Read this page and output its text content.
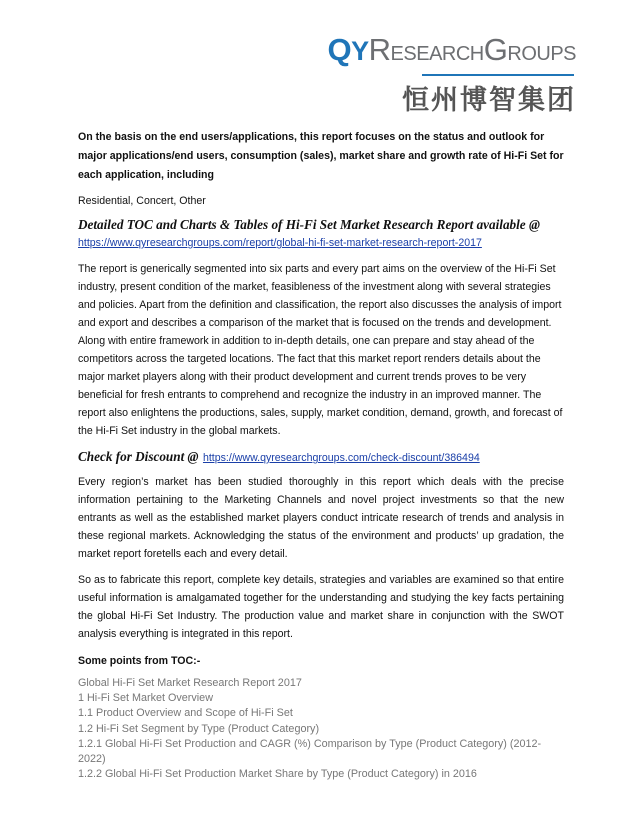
QYRESEARCHGROUPS
恒州博智集团

On the basis on the end users/applications, this report focuses on the status and outlook for major applications/end users, consumption (sales), market share and growth rate of Hi-Fi Set for each application, including

Residential, Concert, Other

Detailed TOC and Charts & Tables of Hi-Fi Set Market Research Report available @
https://www.qyresearchgroups.com/report/global-hi-fi-set-market-research-report-2017

The report is generically segmented into six parts and every part aims on the overview of the Hi-Fi Set industry, present condition of the market, feasibleness of the investment along with several strategies and policies. Apart from the definition and classification, the report also discusses the analysis of import and export and describes a comparison of the market that is focused on the trends and development. Along with entire framework in addition to in-depth details, one can prepare and stay ahead of the competitors across the targeted locations. The fact that this market report renders details about the major market players along with their product development and current trends proves to be very beneficial for fresh entrants to comprehend and recognize the industry in an improved manner. The report also enlightens the productions, sales, supply, market condition, demand, growth, and forecast of the Hi-Fi Set industry in the global markets.

Check for Discount @ https://www.qyresearchgroups.com/check-discount/386494

Every region’s market has been studied thoroughly in this report which deals with the precise information pertaining to the Marketing Channels and novel project investments so that the new entrants as well as the established market players conduct intricate research of trends and analysis in these regional markets. Acknowledging the status of the environment and products’ up gradation, the market report foretells each and every detail.

So as to fabricate this report, complete key details, strategies and variables are examined so that entire useful information is amalgamated together for the understanding and studying the key facts pertaining the global Hi-Fi Set Industry. The production value and market share in conjunction with the SWOT analysis everything is integrated in this report.

Some points from TOC:-

Global Hi-Fi Set Market Research Report 2017

1 Hi-Fi Set Market Overview

1.1 Product Overview and Scope of Hi-Fi Set

1.2 Hi-Fi Set Segment by Type (Product Category)

1.2.1 Global Hi-Fi Set Production and CAGR (%) Comparison by Type (Product Category) (2012-2022)

1.2.2 Global Hi-Fi Set Production Market Share by Type (Product Category) in 2016
